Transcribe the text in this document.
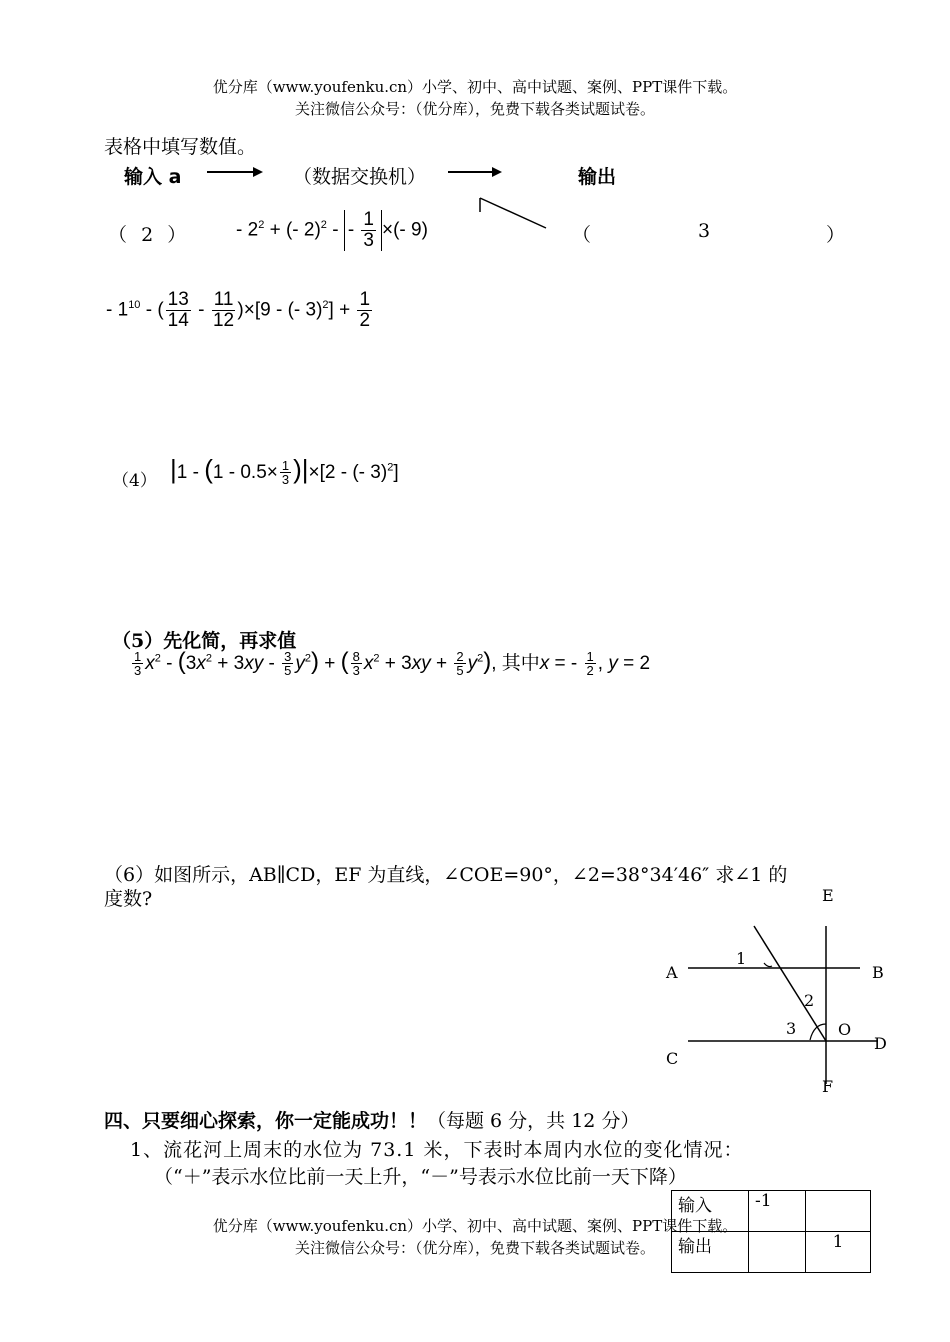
优分库（www.youfenku.cn）小学、初中、高中试题、案例、PPT课件下载。
关注微信公众号：（优分库），免费下载各类试题试卷。
表格中填写数值。
输入 a	（数据交换机）	输出
（ 2 ）	- $2^2$ + (- 2)$^2$ - - $\frac{1}{3}$ ×(- 9)	（	3	）
- $1^{10}$ - ( $\frac{13}{14} - \frac{11}{12} )\times[9$ - (- $3)^2] + \frac{1}{2}$
（4） $|1 - (1 - 0.5\times \frac{1}{3} )|\times[2$ - (- 3)$^2$]
（5）先化简，再求值
$\frac{1}{3} x^2 - (3x^2 + 3xy - \frac{3}{5} y^2)$ + ( $\frac{8}{3} x^2 + 3xy + \frac{2}{5} y^2$), 其中x = - $\frac{1}{2}$ , y = 2
（6）如图所示，AB∥CD，EF 为直线，∠COE=90°，∠2=38°34′46″ 求∠1 的
度数?	E
A	B
C
D
F
O
1
2
3
四、只要细心探索，你一定能成功！！（每题 6 分，共 12 分）
1、流花河上周末的水位为 73.1 米，下表时本周内水位的变化情况：
（“＋”表示水位比前一天上升，“－”号表示水位比前一天下降）
输入	-1	
输出		1
优分库（www.youfenku.cn）小学、初中、高中试题、案例、PPT课件下载。
关注微信公众号：（优分库），免费下载各类试题试卷。
